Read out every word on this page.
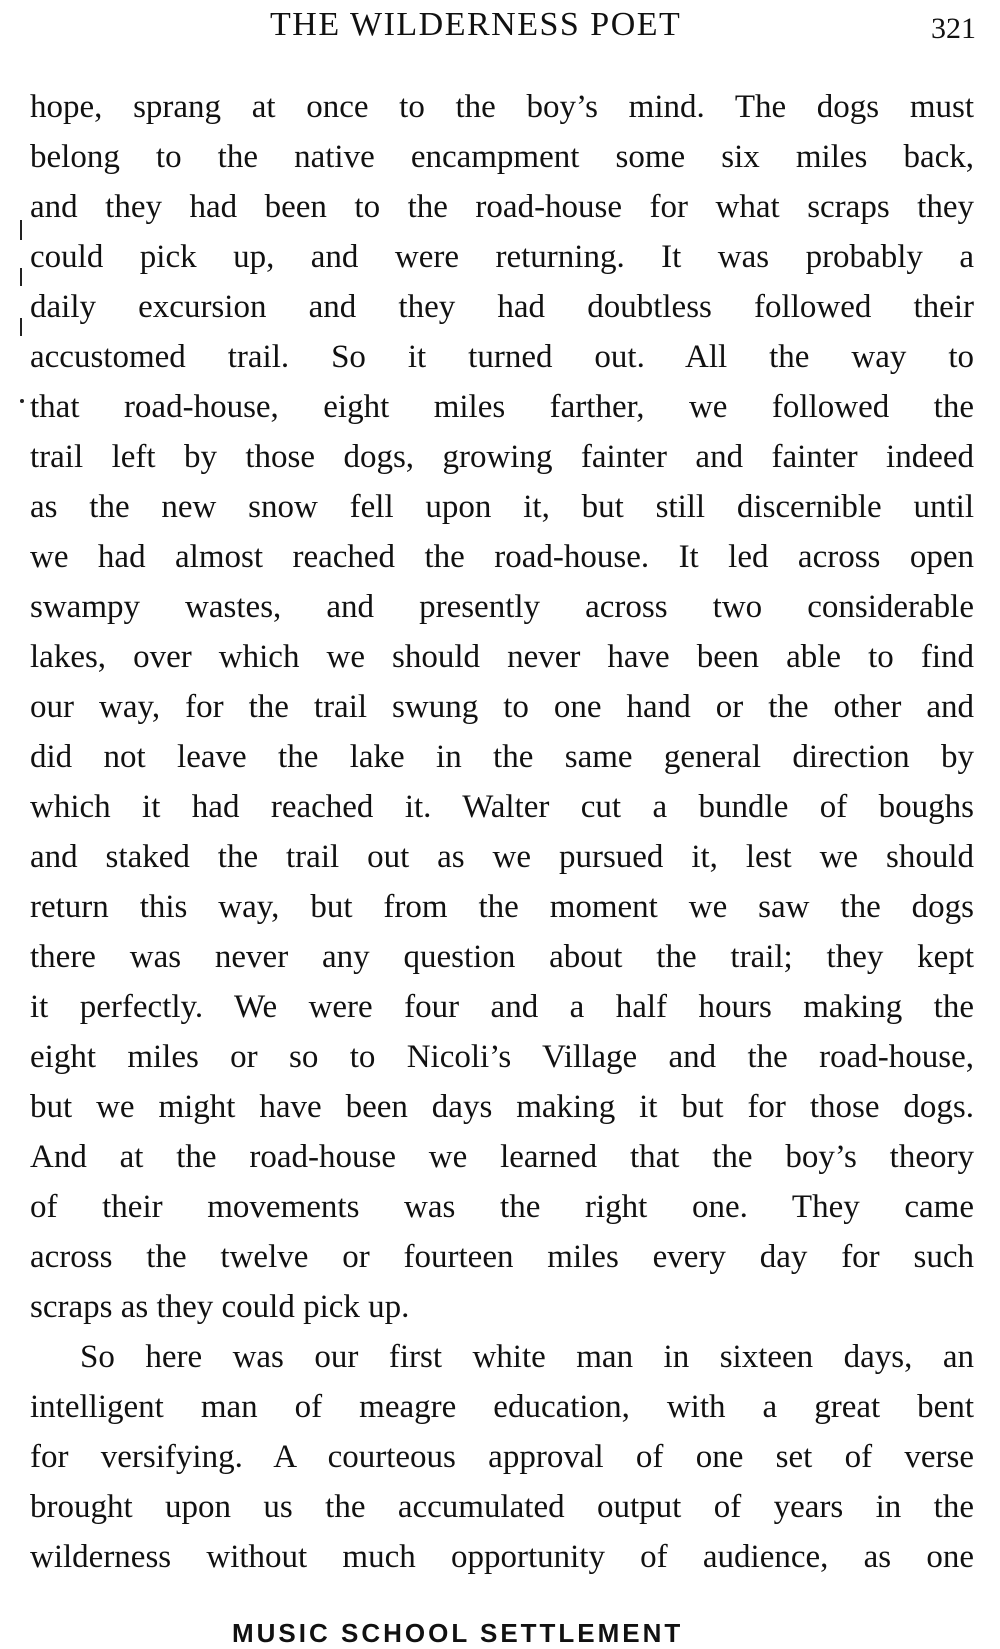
THE WILDERNESS POET	321
hope, sprang at once to the boy’s mind. The dogs must
belong to the native encampment some six miles back,
and they had been to the road-house for what scraps they
could pick up, and were returning. It was probably a
daily excursion and they had doubtless followed their
accustomed trail. So it turned out. All the way to
that road-house, eight miles farther, we followed the
trail left by those dogs, growing fainter and fainter indeed
as the new snow fell upon it, but still discernible until
we had almost reached the road-house. It led across open
swampy wastes, and presently across two considerable
lakes, over which we should never have been able to find
our way, for the trail swung to one hand or the other and
did not leave the lake in the same general direction by
which it had reached it. Walter cut a bundle of boughs
and staked the trail out as we pursued it, lest we should
return this way, but from the moment we saw the dogs
there was never any question about the trail; they kept
it perfectly. We were four and a half hours making the
eight miles or so to Nicoli’s Village and the road-house,
but we might have been days making it but for those dogs.
And at the road-house we learned that the boy’s theory
of their movements was the right one. They came
across the twelve or fourteen miles every day for such
scraps as they could pick up.
So here was our first white man in sixteen days, an
intelligent man of meagre education, with a great bent
for versifying. A courteous approval of one set of verse
brought upon us the accumulated output of years in the
wilderness without much opportunity of audience, as one
MUSIC SCHOOL SETTLEMENT
